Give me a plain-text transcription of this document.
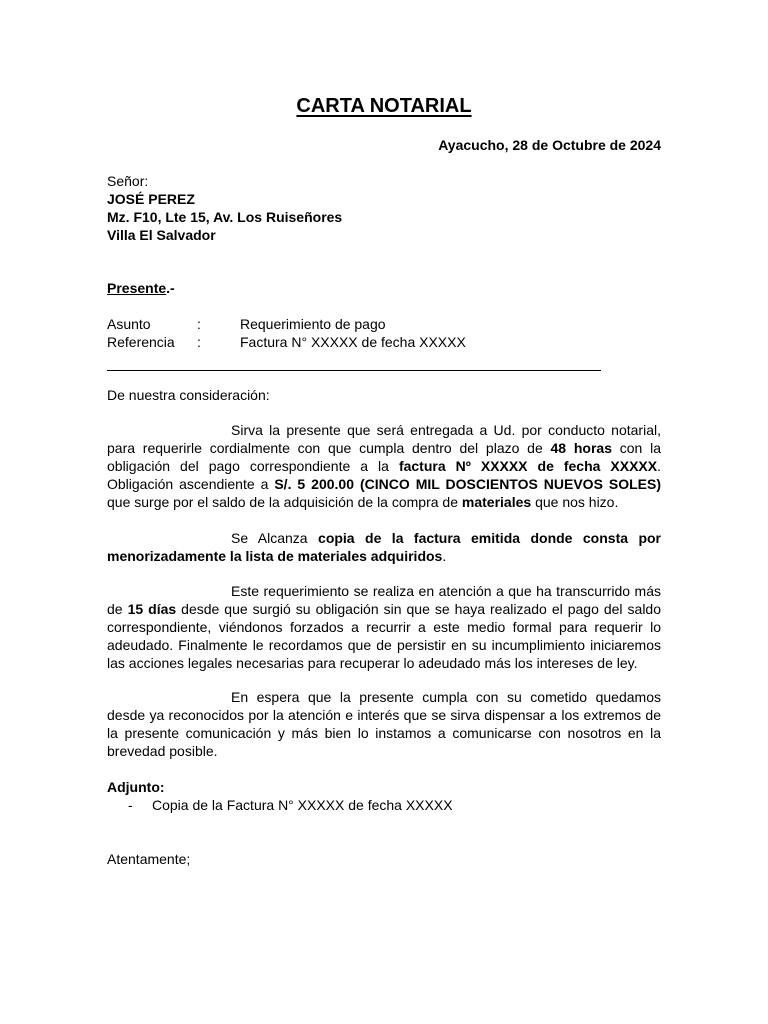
CARTA NOTARIAL
Ayacucho, 28 de Octubre de 2024
Señor:
JOSÉ PEREZ
Mz. F10, Lte 15, Av. Los Ruiseñores
Villa El Salvador
Presente.-
Asunto	:	Requerimiento de pago
Referencia	:	Factura N° XXXXX de fecha XXXXX
De nuestra consideración:

Sirva la presente que será entregada a Ud. por conducto notarial, para requerirle cordialmente con que cumpla dentro del plazo de 48 horas con la obligación del pago correspondiente a la factura Nº XXXXX de fecha XXXXX. Obligación ascendiente a S/. 5 200.00 (CINCO MIL DOSCIENTOS NUEVOS SOLES) que surge por el saldo de la adquisición de la compra de materiales que nos hizo.

Se Alcanza copia de la factura emitida donde consta por menorizadamente la lista de materiales adquiridos.

Este requerimiento se realiza en atención a que ha transcurrido más de 15 días desde que surgió su obligación sin que se haya realizado el pago del saldo correspondiente, viéndonos forzados a recurrir a este medio formal para requerir lo adeudado. Finalmente le recordamos que de persistir en su incumplimiento iniciaremos las acciones legales necesarias para recuperar lo adeudado más los intereses de ley.

En espera que la presente cumpla con su cometido quedamos desde ya reconocidos por la atención e interés que se sirva dispensar a los extremos de la presente comunicación y más bien lo instamos a comunicarse con nosotros en la brevedad posible.

Adjunto:
-	Copia de la Factura N° XXXXX de fecha XXXXX
Atentamente;
